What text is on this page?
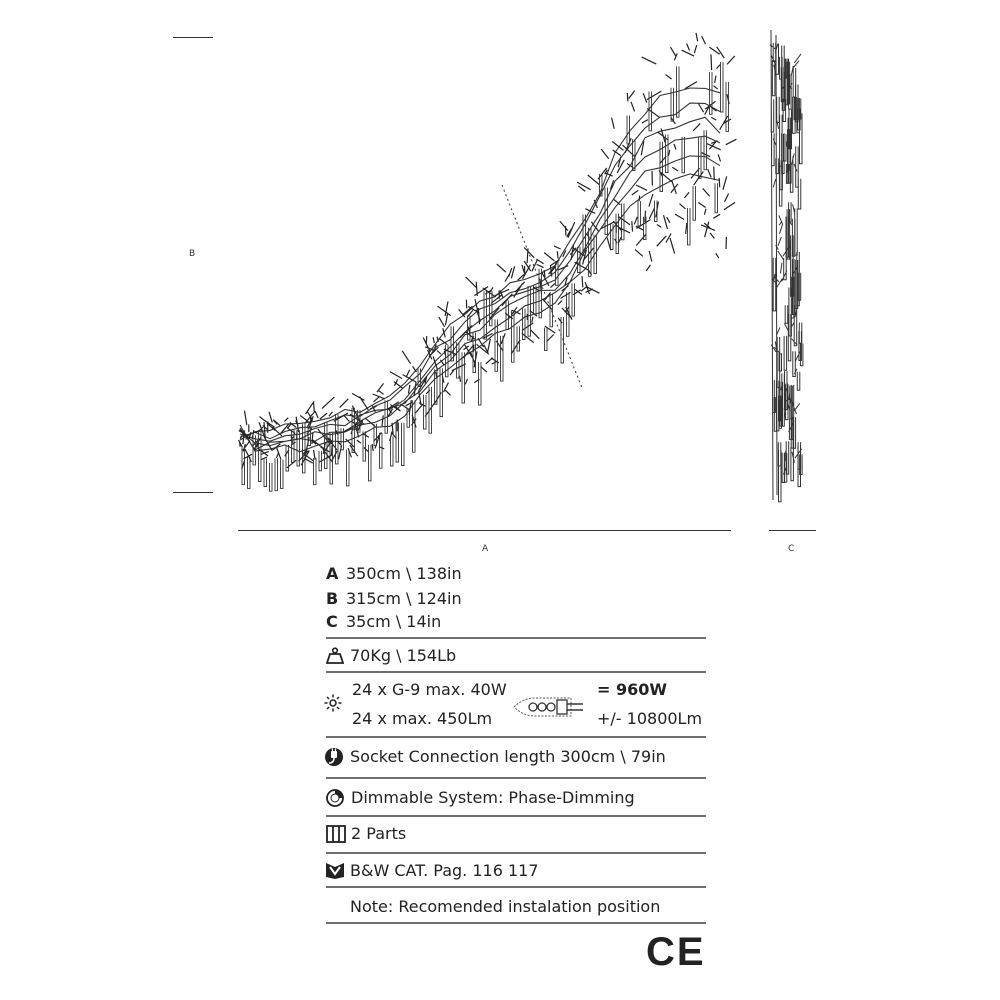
B
A	C
A 350cm \ 138in
B 315cm \ 124in
C 35cm \ 14in
70Kg \ 154Lb
24 x G-9 max. 40W
24 x max. 450Lm
= 960W
+/- 10800Lm
Socket Connection length 300cm \ 79in
Dimmable System: Phase-Dimming
2 Parts
B&W CAT. Pag. 116 117
Note: Recomended instalation position
CE
